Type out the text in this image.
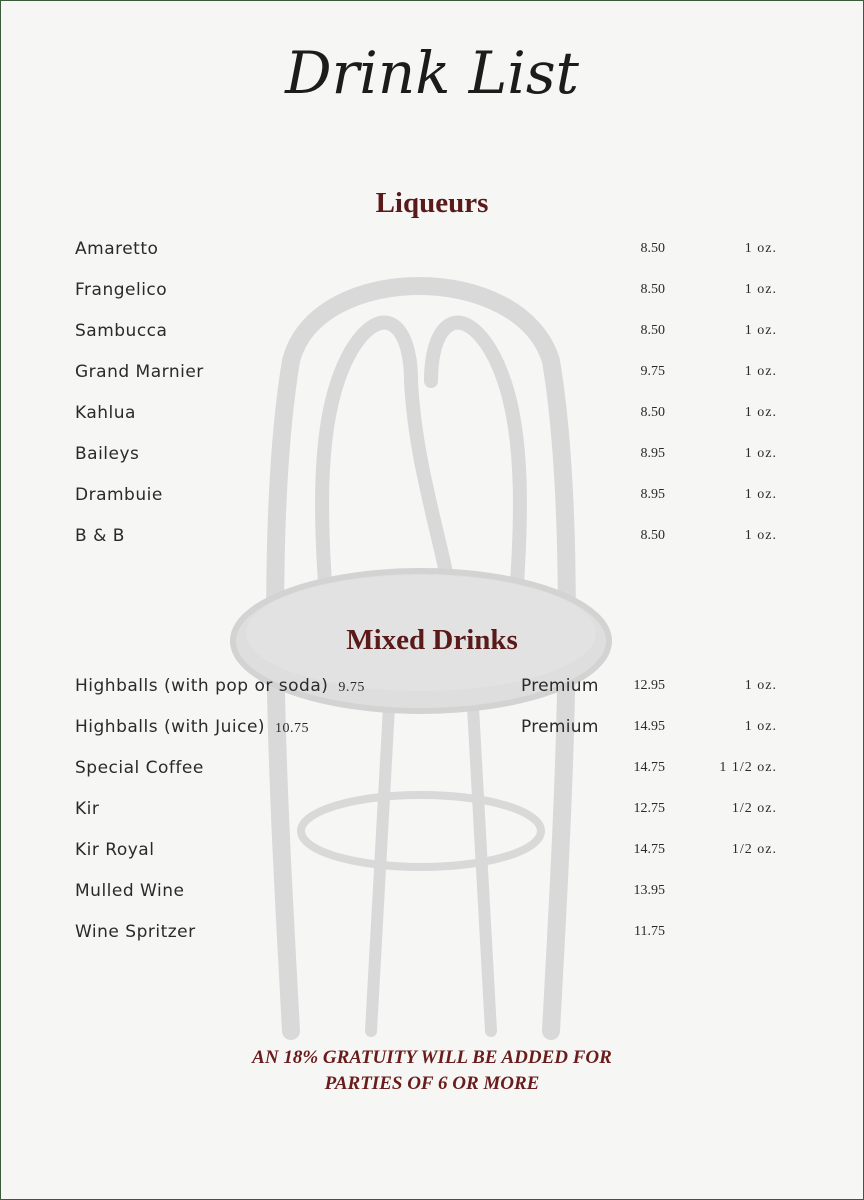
Drink List
Liqueurs
Amaretto	8.50	1 oz.
Frangelico	8.50	1 oz.
Sambucca	8.50	1 oz.
Grand Marnier	9.75	1 oz.
Kahlua	8.50	1 oz.
Baileys	8.95	1 oz.
Drambuie	8.95	1 oz.
B & B	8.50	1 oz.
Mixed Drinks
Highballs (with pop or soda) 9.75	Premium 12.95	1 oz.
Highballs (with Juice) 10.75	Premium 14.95	1 oz.
Special Coffee	14.75	1 1/2 oz.
Kir	12.75	1/2 oz.
Kir Royal	14.75	1/2 oz.
Mulled Wine	13.95
Wine Spritzer	11.75
AN 18% GRATUITY WILL BE ADDED FOR
PARTIES OF 6 OR MORE
